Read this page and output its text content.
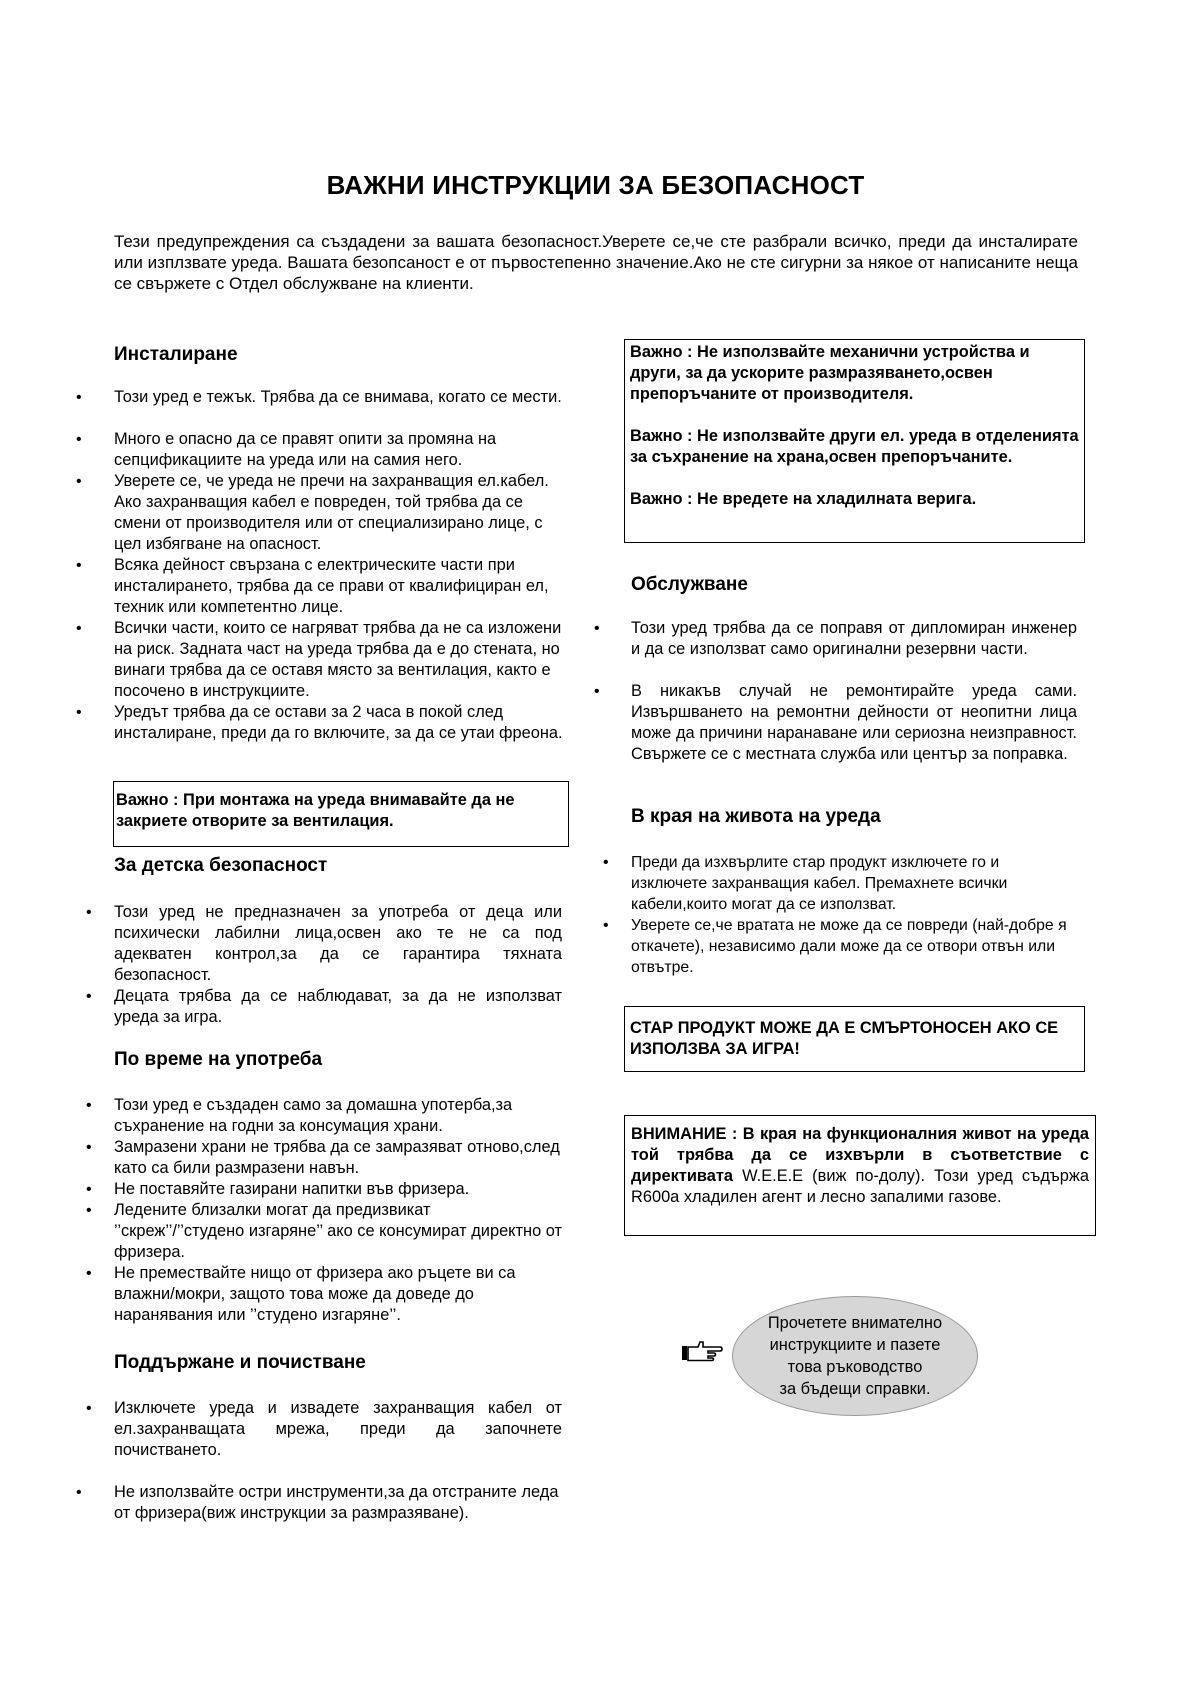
ВАЖНИ ИНСТРУКЦИИ ЗА БЕЗОПАСНОСТ
Тези предупреждения са създадени за вашата безопасност.Уверете се,че сте разбрали всичко, преди да инсталирате или изплзвате уреда. Вашата безопсаност е от първостепенно значение.Ако не сте сигурни за някое от написаните неща се свържете с Отдел обслужване на клиенти.
Инсталиране
• Този уред е тежък. Трябва да се внимава, когато се мести.
• Много е опасно да се правят опити за промяна на сепцификациите на уреда или на самия него.
• Уверете се, че уреда не пречи на захранващия ел.кабел. Ако захранващия кабел е повреден, той трябва да се смени от производителя или от специализирано лице, с цел избягване на опасност.
• Всяка дейност свързана с електрическите части при инсталирането, трябва да се прави от квалифициран ел, техник или компетентно лице.
• Всички части, които се нагряват трябва да не са изложени на риск. Задната част на уреда трябва да е до стената, но винаги трябва да се оставя място за вентилация, както е посочено в инструкциите.
• Уредът трябва да се остави за 2 часа в покой след инсталиране, преди да го включите, за да се утаи фреона.
Важно : При монтажа на уреда внимавайте да не закриете отворите за вентилация.
За детска безопасност
• Този уред не предназначен за употреба от деца или психически лабилни лица,освен ако те не са под адекватен контрол,за да се гарантира тяхната безопасност.
• Децата трябва да се наблюдават, за да не използват уреда за игра.
По време на употреба
• Този уред е създаден само за домашна употерба,за съхранение на годни за консумация храни.
• Замразени храни не трябва да се замразяват отново,след като са били размразени навън.
• Не поставяйте газирани напитки във фризера.
• Ледените близалки могат да предизвикат ’’скреж’’/’’студено изгаряне’’ ако се консумират директно от фризера.
• Не премествайте нищо от фризера ако ръцете ви са влажни/мокри, защото това може да доведе до наранявания или ’’студено изгаряне’’.
Поддържане и почистване
• Изключете уреда и извадете захранващия кабел от ел.захранващата мрежа, преди да започнете почистването.
• Не използвайте остри инструменти,за да отстраните леда от фризера(виж инструкции за размразяване).
Важно : Не използвайте механични устройства и други, за да ускорите размразяването,освен препоръчаните от производителя.
Важно : Не използвайте други ел. уреда в отделенията за съхранение на храна,освен препоръчаните.
Важно : Не вредете на хладилната верига.
Обслужване
• Този уред трябва да се поправя от дипломиран инженер и да се използват само оригинални резервни части.
• В никакъв случай не ремонтирайте уреда сами. Извършването на ремонтни дейности от неопитни лица може да причини наранаване или сериозна неизправност. Свържете се с местната служба или център за поправка.
В края на живота на уреда
• Преди да изхвърлите стар продукт изключете го и изключете захранващия кабел. Премахнете всички кабели,които могат да се използват.
• Уверете се,че вратата не може да се повреди (най-добре я откачете), независимо дали може да се отвори отвън или отвътре.
СТАР ПРОДУКТ МОЖЕ ДА Е СМЪРТОНОСЕН АКО СЕ ИЗПОЛЗВА ЗА ИГРА!
ВНИМАНИЕ : В края на функционалния живот на уреда той трябва да се изхвърли в съответствие с директивата W.E.E.E (виж по-долу). Този уред съдържа R600a хладилен агент и лесно запалими газове.
Прочетете внимателно
инструкциите и пазете
това ръководство
за бъдещи справки.
